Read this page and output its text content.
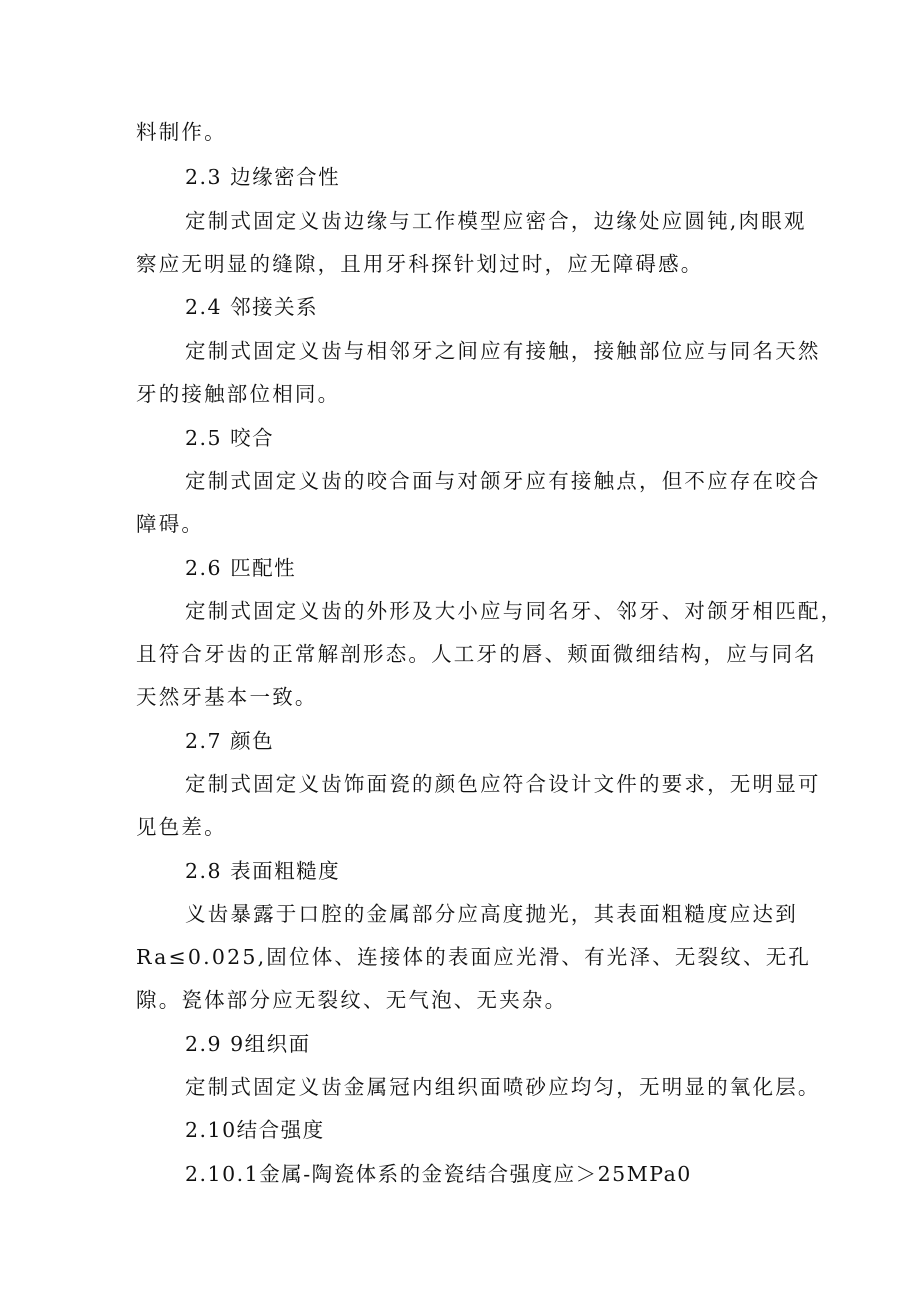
料制作。
2.3 边缘密合性
定制式固定义齿边缘与工作模型应密合，边缘处应圆钝,肉眼观
察应无明显的缝隙，且用牙科探针划过时，应无障碍感。
2.4 邻接关系
定制式固定义齿与相邻牙之间应有接触，接触部位应与同名天然
牙的接触部位相同。
2.5 咬合
定制式固定义齿的咬合面与对颌牙应有接触点，但不应存在咬合
障碍。
2.6 匹配性
定制式固定义齿的外形及大小应与同名牙、邻牙、对颌牙相匹配，
且符合牙齿的正常解剖形态。人工牙的唇、颊面微细结构，应与同名
天然牙基本一致。
2.7 颜色
定制式固定义齿饰面瓷的颜色应符合设计文件的要求，无明显可
见色差。
2.8 表面粗糙度
义齿暴露于口腔的金属部分应高度抛光，其表面粗糙度应达到
Ra≤0.025,固位体、连接体的表面应光滑、有光泽、无裂纹、无孔
隙。瓷体部分应无裂纹、无气泡、无夹杂。
2.9 9组织面
定制式固定义齿金属冠内组织面喷砂应均匀，无明显的氧化层。
2.10结合强度
2.10.1金属-陶瓷体系的金瓷结合强度应＞25MPa0
